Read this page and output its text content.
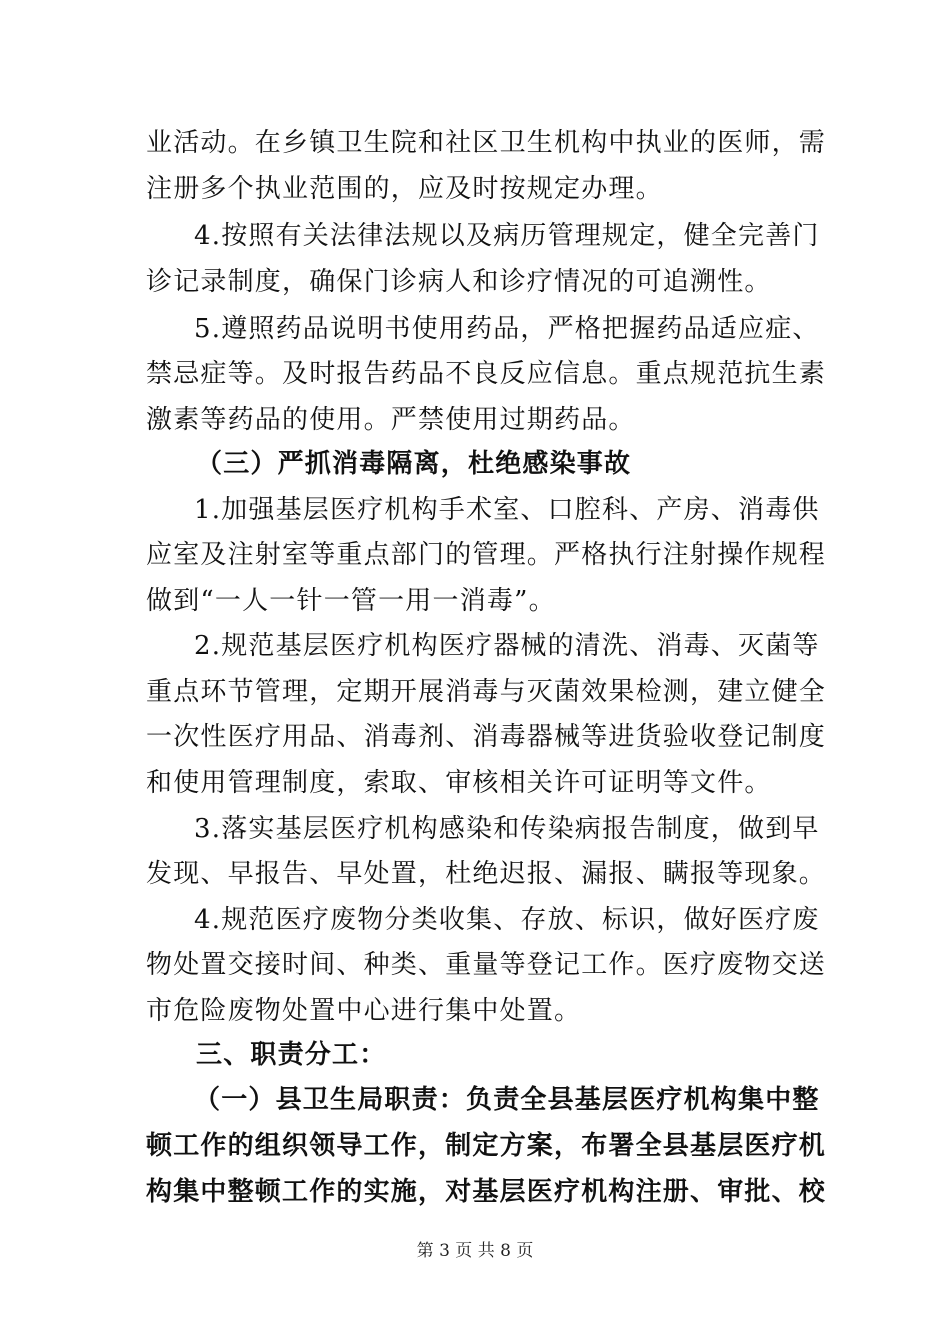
业活动。在乡镇卫生院和社区卫生机构中执业的医师，需
注册多个执业范围的，应及时按规定办理。
4.按照有关法律法规以及病历管理规定，健全完善门
诊记录制度，确保门诊病人和诊疗情况的可追溯性。
5.遵照药品说明书使用药品，严格把握药品适应症、
禁忌症等。及时报告药品不良反应信息。重点规范抗生素
激素等药品的使用。严禁使用过期药品。
（三）严抓消毒隔离，杜绝感染事故
1.加强基层医疗机构手术室、口腔科、产房、消毒供
应室及注射室等重点部门的管理。严格执行注射操作规程
做到“一人一针一管一用一消毒”。
2.规范基层医疗机构医疗器械的清洗、消毒、灭菌等
重点环节管理，定期开展消毒与灭菌效果检测，建立健全
一次性医疗用品、消毒剂、消毒器械等进货验收登记制度
和使用管理制度，索取、审核相关许可证明等文件。
3.落实基层医疗机构感染和传染病报告制度，做到早
发现、早报告、早处置，杜绝迟报、漏报、瞒报等现象。
4.规范医疗废物分类收集、存放、标识，做好医疗废
物处置交接时间、种类、重量等登记工作。医疗废物交送
市危险废物处置中心进行集中处置。
三、职责分工：
（一）县卫生局职责：负责全县基层医疗机构集中整
顿工作的组织领导工作，制定方案，布署全县基层医疗机
构集中整顿工作的实施，对基层医疗机构注册、审批、校
第 3 页 共 8 页
